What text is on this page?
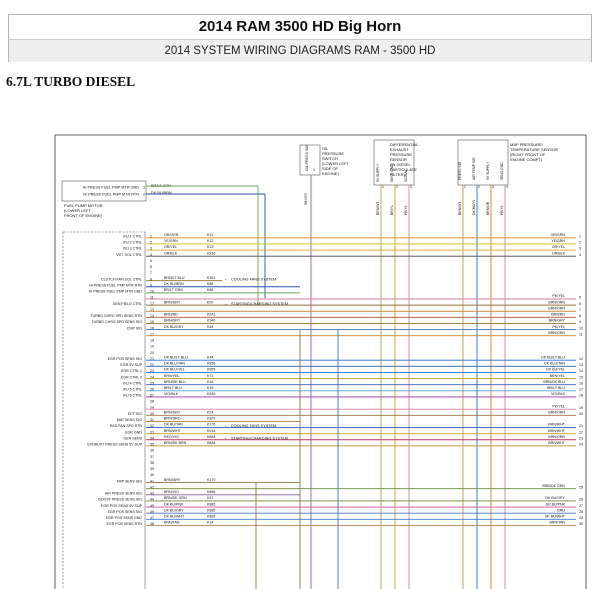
2014 RAM 3500 HD Big Horn
2014 SYSTEM WIRING DIAGRAMS RAM - 3500 HD
6.7L TURBO DIESEL
OIL
PRESSURE
SWITCH
(LOWER LEFT
SIDE OF
ENGINE)
OIL PRESS SW 1
WH/GY
DIFFERENTIAL
EXHAUST
PRESSURE
SENSOR
(IN DIESEL
PARTICULATE
FILTER)
5V SUPPLY
1
BRN/WT
SENS GND
2
BR/YL
SIGNAL
3
PK/YL
MAP PRESSURE/
TEMPERATURE SENSOR
(RIGHT FRONT OF
ENGINE COMPT)
PRESS SIG
1
BRN/WT
AIR TEMP SIG
2
DK BU/YL
5V SUPPLY
3
BRN/OR
SENS GND
4
PK/YL
HI PRESS FUEL PMP MTR GND 1 BR/LT GRN
HI PRESS FUEL PMP MTR RTN 2 DK BU/BRN
FUEL PUMP MOTOR
(LOWER LEFT
FRONT OF ENGINE)
1
INJ 1 CTRL	OR/GRN	K11	OR/GRN	1
2
INJ 2 CTRL	YE/GRN	K12	YE/GRN	2
3
INJ 3 CTRL	OR/YEL	K13	OR/YEL	3
4
VGT SOL CTRL	OR/BLK	K336	OR/BLK	4
5
6
7
8
CLUTCH FAN SOL CTRL	BRN/LT BLU	K351 ← COOLING FANS SYSTEM
9
HI PRESS FUEL PMP MTR RTN	DK BU/BRN	K88
10
HI PRESS FUEL PMP MTR GND	BR/LT GRN	K88
11	PK/YEL	5
12
GEN FIELD CTRL	BRN/GRY	K20 ← STARTING/CHARGING SYSTEM	BRN/ORN	6
13	BRN/ORN	7
14
TURBO CHRG SPD SENS RTN	BRN/RD	K241	BRN/RD	8
15
TURBO CHRG SPD SENS SIG	BRN/GRY	K340	BRN/GRY	9
16
CMP SIG	DK BU/GRY	K44	PK/YEL	10
17	BRN/ORN	11
18
19
20
21
EGR POS SENS SIG	DK BU/LT BLU	K44	DK BU/LT BLU	12
22
EGR 5V SUP	DK BLU/TAN	K855	DK BLU/TAN	13
23
EGR CTRL 1	DK BLU/YEL	K855	DK BU/YEL	14
24
EGR CTRL 2	BRN/YEL	K71	BRN/YEL	15
25
INJ 4 CTRL	BRN/DK BLU	K14	BRN/DK BLU	16
26
INJ 5 CTRL	BR/LT BLU	K15	BR/LT BLU	17
27
INJ 6 CTRL	VIO/BLK	K339	VIO/BLK	18
28
29	PK/YEL	19
30
ECT SIG	BRN/GRY	K24	BRN/ORN	20
31
MAT SENS SIG	BRN/DRO	K207
32
RAD FAN SPD RTN	DK BU/TAN	K176 ← COOLING FANS SYSTEM	BRN/WHT	21
33
EGR GND	BRN/WHT	K914	BRN/WHT	22
34
GEN SENS	RED/VIO	K884 ← STARTING/CHARGING SYSTEM	BRN/ORN	23
35
EXHAUST PRESS SENS 5V SUP	BRN/DK BRN	K884	BRN/WHT	24
36
37
38
39
40
41
FRP SENS SIG	BRN/GRY	K170
42	BRN/DK GRN	25
43
AIR PRESS SENS SIG	BRN/VIO	K856
44
BOOST PRESS SENS SIG	BRN/DK GRN	K37	DK BU/GRY	26
45
EGR POS SENS 5V SUP	DK BU/PNK	K885	DK BU/PNK	27
46
EGR POS SENS SIG	DK BU/GRY	K885	BRU	28
47
EGR POS SENS GND	DK BU/WHT	K885	DK BU/WHT	29
48
EGR POS SENS RTN	BRN/TAN	K14	BRN/TAN	30
